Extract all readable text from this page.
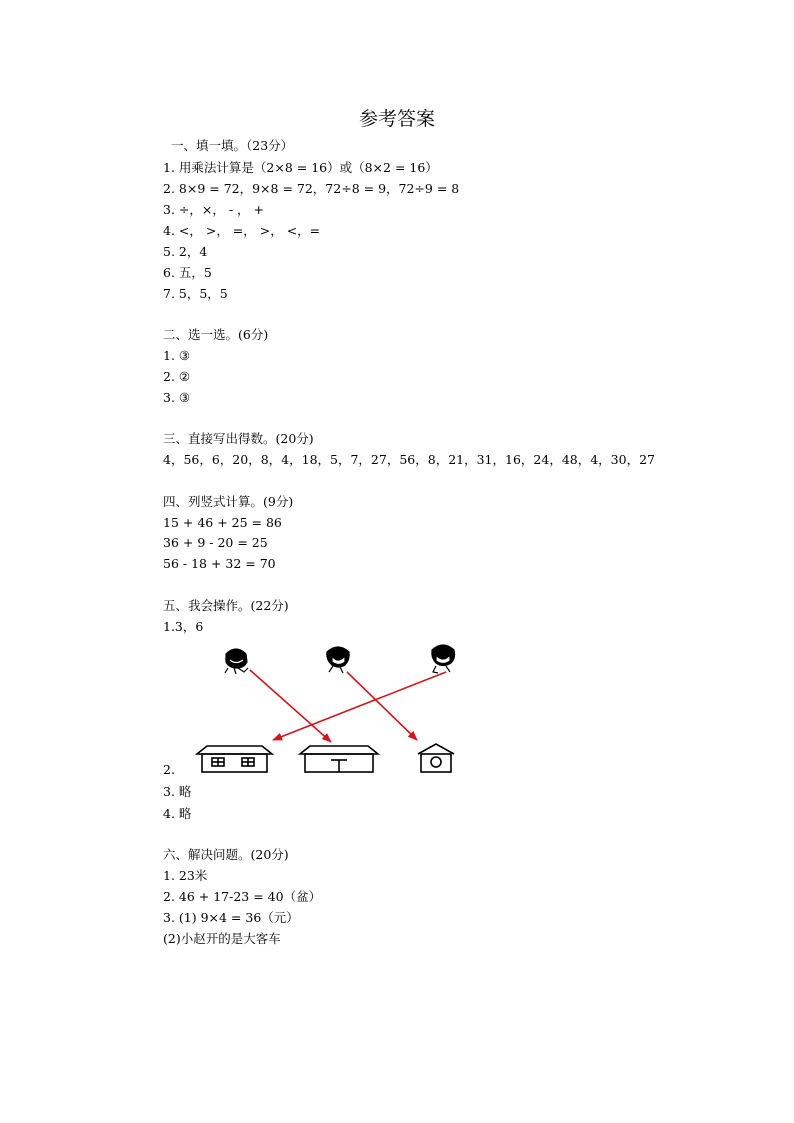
参考答案
一、填一填。（23分）
1. 用乘法计算是（2×8 = 16）或（8×2 = 16）
2. 8×9 = 72，9×8 = 72，72÷8 = 9，72÷9 = 8
3. ÷，×， - ， +
4. <， >， =， >， <，=
5. 2，4
6. 五，5
7. 5，5，5
二、选一选。(6分)
1. ③
2. ②
3. ③
三、直接写出得数。(20分)
4，56，6，20，8，4，18，5，7，27，56，8，21，31，16，24，48，4，30，27
四、列竖式计算。(9分)
15 + 46 + 25 = 86
36 + 9 - 20 = 25
56 - 18 + 32 = 70
五、我会操作。(22分)
1.3，6
2.
3. 略
4. 略
六、解决问题。(20分)
1. 23米
2. 46 + 17-23 = 40（盆）
3. (1) 9×4 = 36（元）
(2)小赵开的是大客车
